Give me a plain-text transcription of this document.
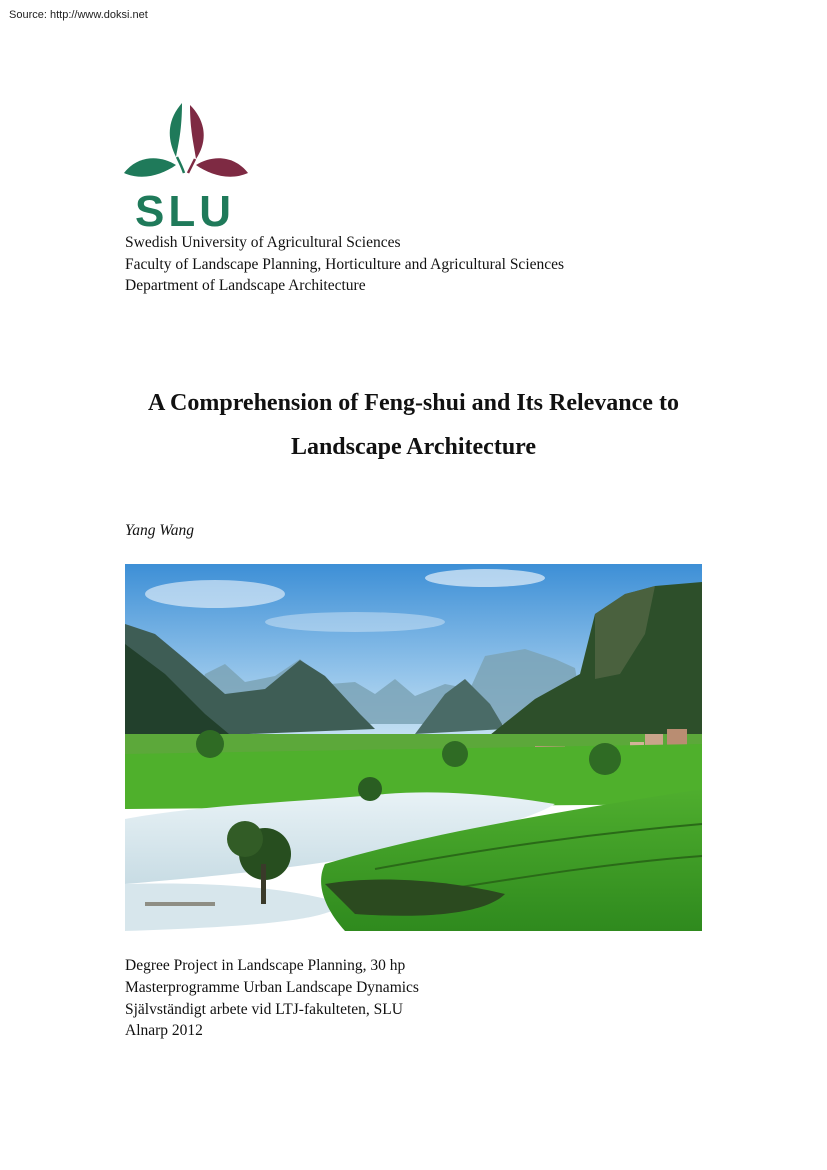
Source: http://www.doksi.net
SLU
Swedish University of Agricultural Sciences
Faculty of Landscape Planning, Horticulture and Agricultural Sciences
Department of Landscape Architecture
A Comprehension of Feng-shui and Its Relevance to
Landscape Architecture
Yang Wang
Degree Project in Landscape Planning, 30 hp
Masterprogramme Urban Landscape Dynamics
Självständigt arbete vid LTJ-fakulteten, SLU
Alnarp 2012
